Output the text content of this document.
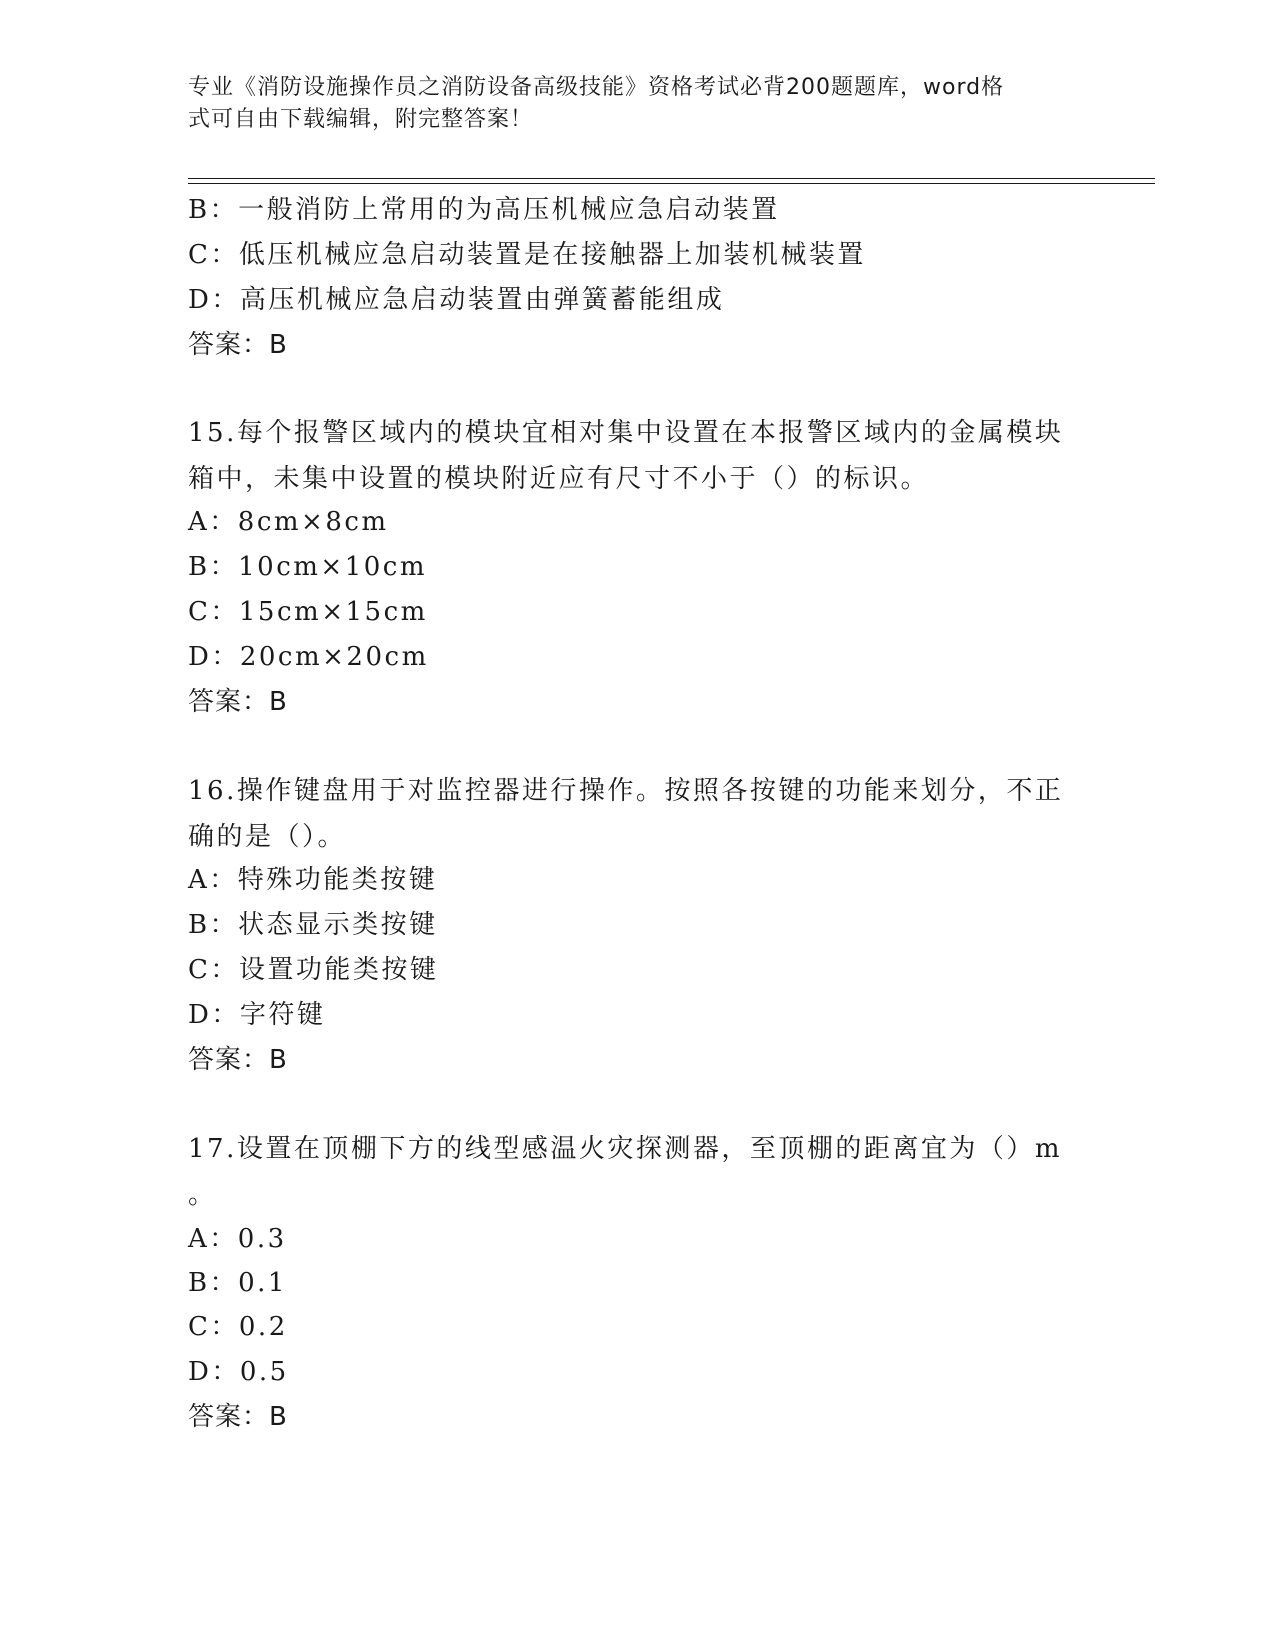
专业《消防设施操作员之消防设备高级技能》资格考试必背200题题库，word格
式可自由下载编辑，附完整答案！
B：一般消防上常用的为高压机械应急启动装置
C：低压机械应急启动装置是在接触器上加装机械装置
D：高压机械应急启动装置由弹簧蓄能组成
答案：B
15.每个报警区域内的模块宜相对集中设置在本报警区域内的金属模块
箱中，未集中设置的模块附近应有尺寸不小于（）的标识。
A：8cm×8cm
B：10cm×10cm
C：15cm×15cm
D：20cm×20cm
答案：B
16.操作键盘用于对监控器进行操作。按照各按键的功能来划分，不正
确的是（）。
A：特殊功能类按键
B：状态显示类按键
C：设置功能类按键
D：字符键
答案：B
17.设置在顶棚下方的线型感温火灾探测器，至顶棚的距离宜为（）m
。
A：0.3
B：0.1
C：0.2
D：0.5
答案：B
